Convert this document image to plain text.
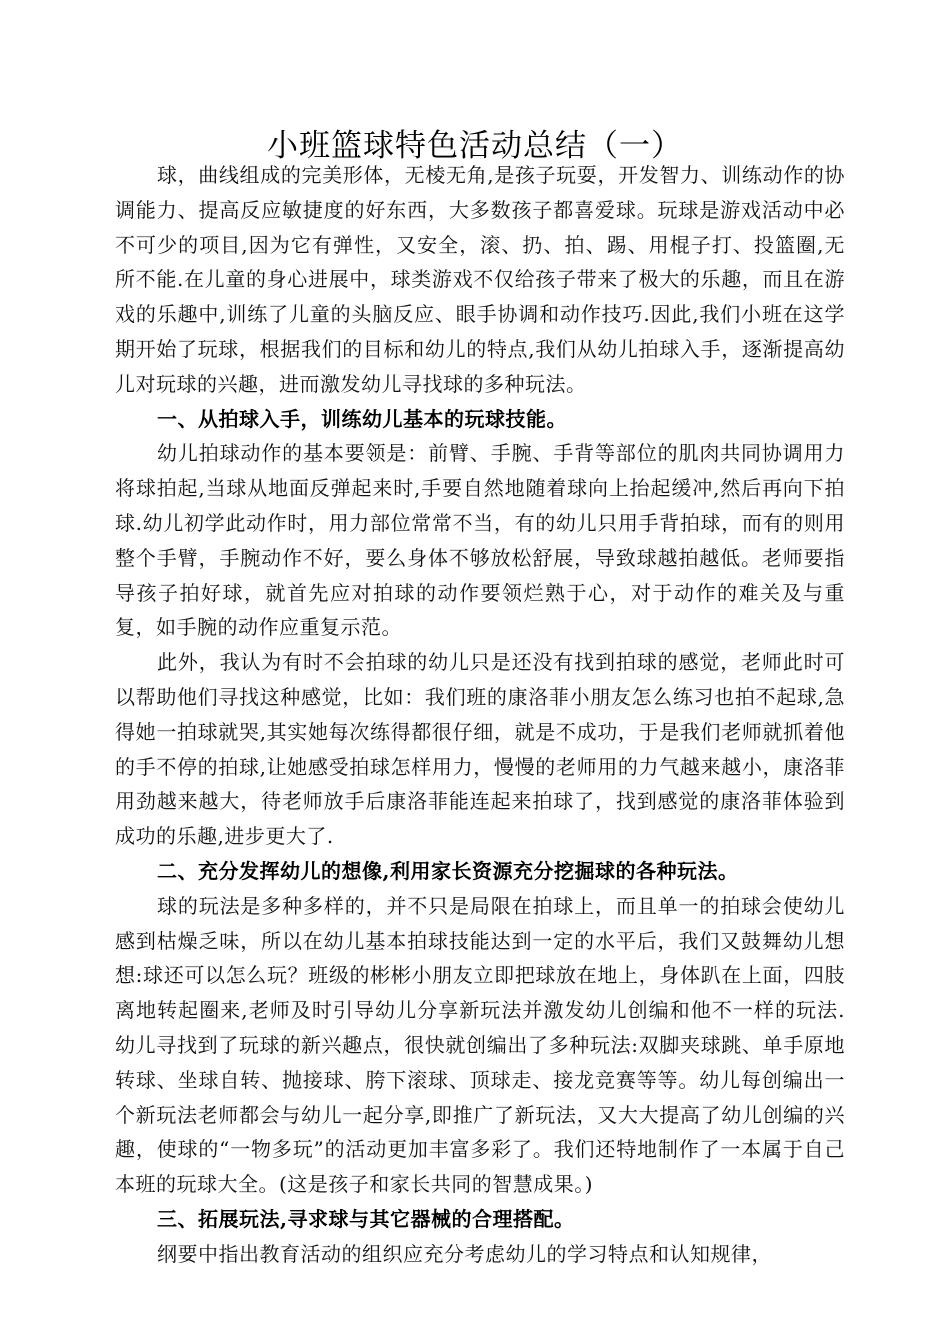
小班篮球特色活动总结（一）

球，曲线组成的完美形体，无棱无角,是孩子玩耍，开发智力、训练动作的协调能力、提高反应敏捷度的好东西，大多数孩子都喜爱球。玩球是游戏活动中必不可少的项目,因为它有弹性，又安全，滚、扔、拍、踢、用棍子打、投篮圈,无所不能.在儿童的身心进展中，球类游戏不仅给孩子带来了极大的乐趣，而且在游戏的乐趣中,训练了儿童的头脑反应、眼手协调和动作技巧.因此,我们小班在这学期开始了玩球，根据我们的目标和幼儿的特点,我们从幼儿拍球入手，逐渐提高幼儿对玩球的兴趣，进而激发幼儿寻找球的多种玩法。

一、从拍球入手，训练幼儿基本的玩球技能。

幼儿拍球动作的基本要领是：前臂、手腕、手背等部位的肌肉共同协调用力将球拍起,当球从地面反弹起来时,手要自然地随着球向上抬起缓冲,然后再向下拍球.幼儿初学此动作时，用力部位常常不当，有的幼儿只用手背拍球，而有的则用整个手臂，手腕动作不好，要么身体不够放松舒展，导致球越拍越低。老师要指导孩子拍好球，就首先应对拍球的动作要领烂熟于心，对于动作的难关及与重复，如手腕的动作应重复示范。

此外，我认为有时不会拍球的幼儿只是还没有找到拍球的感觉，老师此时可以帮助他们寻找这种感觉，比如：我们班的康洛菲小朋友怎么练习也拍不起球,急得她一拍球就哭,其实她每次练得都很仔细，就是不成功，于是我们老师就抓着他的手不停的拍球,让她感受拍球怎样用力，慢慢的老师用的力气越来越小，康洛菲用劲越来越大，待老师放手后康洛菲能连起来拍球了，找到感觉的康洛菲体验到成功的乐趣,进步更大了.

二、充分发挥幼儿的想像,利用家长资源充分挖掘球的各种玩法。

球的玩法是多种多样的，并不只是局限在拍球上，而且单一的拍球会使幼儿感到枯燥乏味，所以在幼儿基本拍球技能达到一定的水平后，我们又鼓舞幼儿想想:球还可以怎么玩？班级的彬彬小朋友立即把球放在地上，身体趴在上面，四肢离地转起圈来,老师及时引导幼儿分享新玩法并激发幼儿创编和他不一样的玩法.幼儿寻找到了玩球的新兴趣点，很快就创编出了多种玩法:双脚夹球跳、单手原地转球、坐球自转、抛接球、胯下滚球、顶球走、接龙竞赛等等。幼儿每创编出一个新玩法老师都会与幼儿一起分享,即推广了新玩法，又大大提高了幼儿创编的兴趣，使球的“一物多玩”的活动更加丰富多彩了。我们还特地制作了一本属于自己本班的玩球大全。(这是孩子和家长共同的智慧成果。)

三、拓展玩法,寻求球与其它器械的合理搭配。

纲要中指出教育活动的组织应充分考虑幼儿的学习特点和认知规律，
